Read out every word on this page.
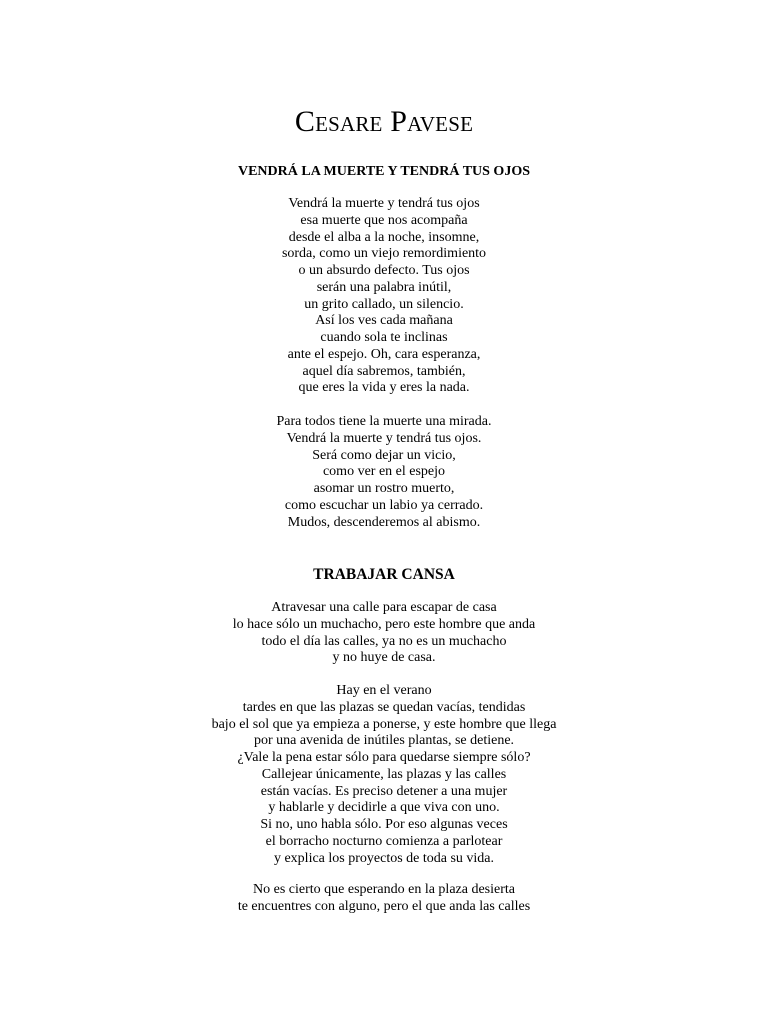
Cesare Pavese
VENDRÁ LA MUERTE Y TENDRÁ TUS OJOS
Vendrá la muerte y tendrá tus ojos
esa muerte que nos acompaña
desde el alba a la noche, insomne,
sorda, como un viejo remordimiento
o un absurdo defecto. Tus ojos
serán una palabra inútil,
un grito callado, un silencio.
Así los ves cada mañana
cuando sola te inclinas
ante el espejo. Oh, cara esperanza,
aquel día sabremos, también,
que eres la vida y eres la nada.
Para todos tiene la muerte una mirada.
Vendrá la muerte y tendrá tus ojos.
Será como dejar un vicio,
como ver en el espejo
asomar un rostro muerto,
como escuchar un labio ya cerrado.
Mudos, descenderemos al abismo.
TRABAJAR CANSA
Atravesar una calle para escapar de casa
lo hace sólo un muchacho, pero este hombre que anda
todo el día las calles, ya no es un muchacho
y no huye de casa.
Hay en el verano
tardes en que las plazas se quedan vacías, tendidas
bajo el sol que ya empieza a ponerse, y este hombre que llega
por una avenida de inútiles plantas, se detiene.
¿Vale la pena estar sólo para quedarse siempre sólo?
Callejear únicamente, las plazas y las calles
están vacías. Es preciso detener a una mujer
y hablarle y decidirle a que viva con uno.
Si no, uno habla sólo. Por eso algunas veces
el borracho nocturno comienza a parlotear
y explica los proyectos de toda su vida.
No es cierto que esperando en la plaza desierta
te encuentres con alguno, pero el que anda las calles
